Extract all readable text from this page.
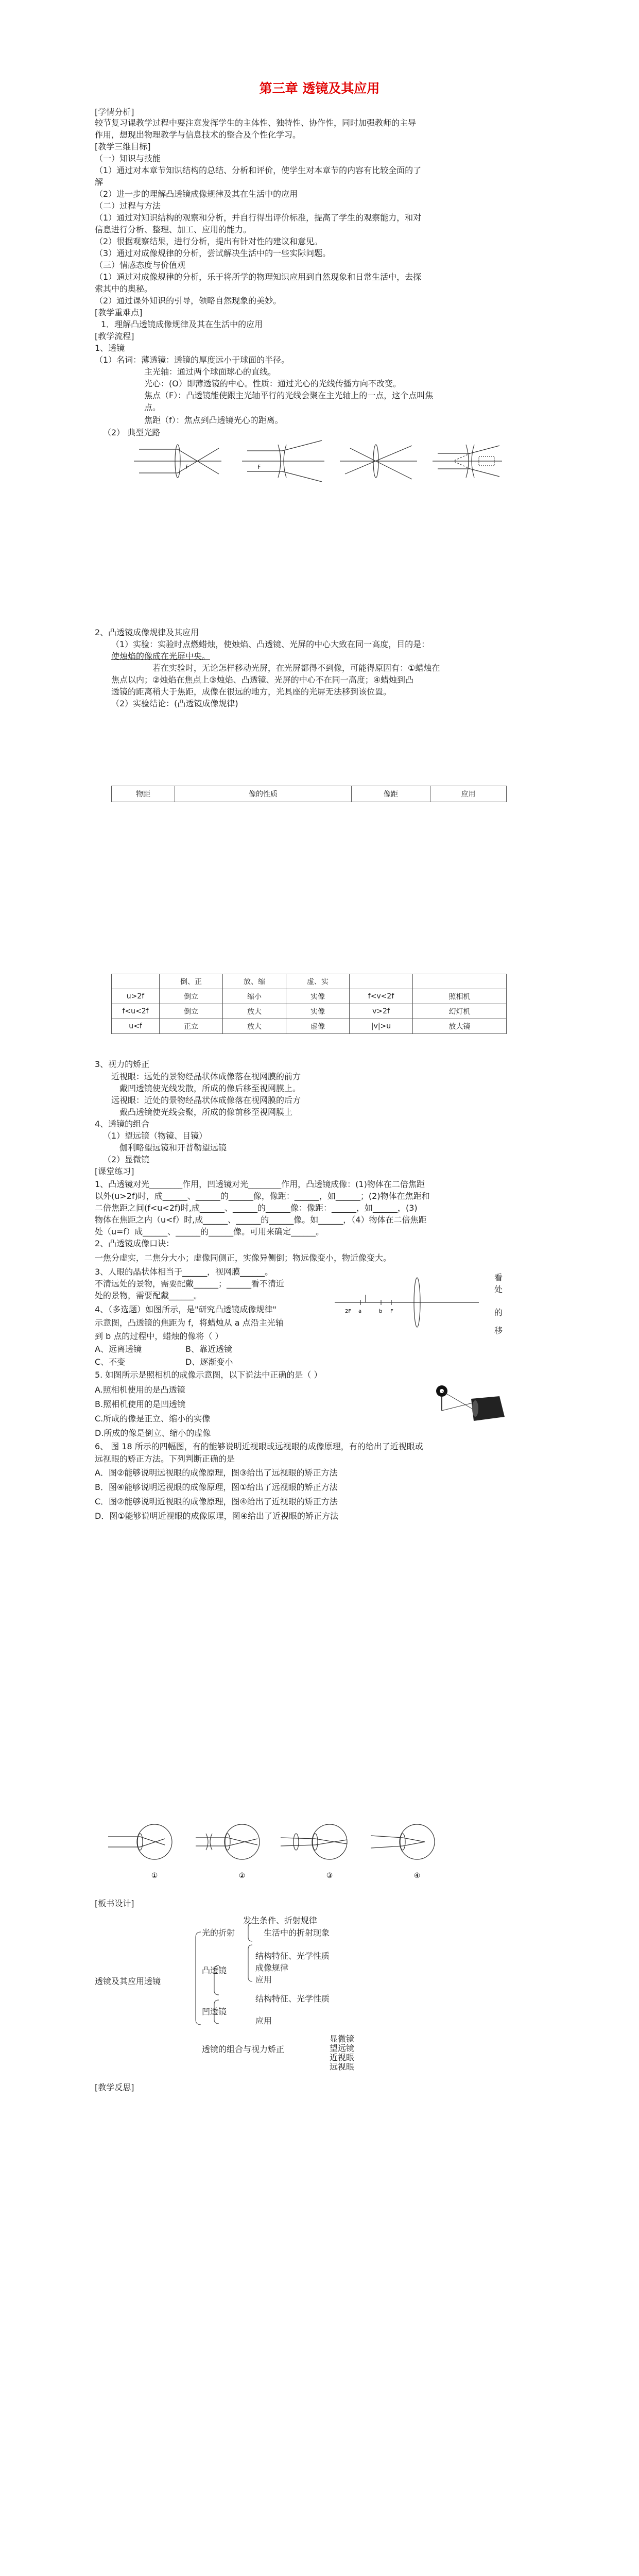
第三章 透镜及其应用
[学情分析]
较节复习课教学过程中要注意发挥学生的主体性、独特性、协作性，同时加强教师的主导
作用，想现出物理教学与信息技术的整合及个性化学习。
[教学三维目标]
（一）知识与技能
（1）通过对本章节知识结构的总结、分析和评价，使学生对本章节的内容有比较全面的了
解
（2）进一步的理解凸透镜成像规律及其在生活中的应用
（二）过程与方法
（1）通过对知识结构的观察和分析，并自行得出评价标准，提高了学生的观察能力，和对
信息进行分析、整理、加工、应用的能力。
（2）很据观察结果，进行分析，提出有针对性的建议和意见。
（3）通过对成像规律的分析，尝试解决生活中的一些实际问题。
（三）情感态度与价值观
（1）通过对成像规律的分析，乐于将所学的物理知识应用到自然现象和日常生活中，去探
索其中的奥秘。
（2）通过课外知识的引导，领略自然现象的美妙。
[教学重难点]
1．理解凸透镜成像规律及其在生活中的应用
[教学流程]
1、透镜
（1）名词：薄透镜：透镜的厚度远小于球面的半径。
主光轴：通过两个球面球心的直线。
光心：(O）即薄透镜的中心。性质：通过光心的光线传播方向不改变。
焦点（F）：凸透镜能使跟主光轴平行的光线会聚在主光轴上的一点，这个点叫焦
点。
焦距（f）：焦点到凸透镜光心的距离。
（2） 典型光路
F	F
2、凸透镜成像规律及其应用
（1）实验：实验时点燃蜡烛，使烛焰、凸透镜、光屏的中心大致在同一高度，目的是：
使烛焰的像成在光屏中央。
若在实验时，无论怎样移动光屏，在光屏都得不到像，可能得原因有：①蜡烛在
焦点以内；②烛焰在焦点上③烛焰、凸透镜、光屏的中心不在同一高度；④蜡烛到凸
透镜的距离稍大于焦距，成像在很远的地方，光具座的光屏无法移到该位置。
（2）实验结论：(凸透镜成像规律)
物距	像的性质	像距	应用
	倒、正	放、缩	虚、实		
u>2f	倒立	缩小	实像	f<v<2f	照相机
f<u<2f	倒立	放大	实像	v>2f	幻灯机
u<f	正立	放大	虚像	|v|>u	放大镜
3、视力的矫正
近视眼：远处的景物经晶状体成像落在视网膜的前方
戴凹透镜使光线发散，所成的像后移至视网膜上。
远视眼：近处的景物经晶状体成像落在视网膜的后方
戴凸透镜使光线会聚，所成的像前移至视网膜上
4、透镜的组合
（1）望远镜（物镜、目镜）
伽利略望远镜和开普勒望远镜
（2）显微镜
[课堂练习]
1、凸透镜对光________作用，凹透镜对光________作用，凸透镜成像：(1)物体在二倍焦距
以外(u>2f)时，成______、______的______像，像距：______，如______；(2)物体在焦距和
二倍焦距之间(f<u<2f)时,成______、______的______像：像距：______，如______，(3)
物体在焦距之内（u<f）时,成______、______的______像。如______，（4）物体在二倍焦距
处（u=f）成______、______的______像。可用来确定______。
2、凸透镜成像口诀：
一焦分虚实，二焦分大小；虚像同侧正，实像异侧倒；物远像变小，物近像变大。
3、人眼的晶状体相当于______，视网膜______。
不清远处的景物，需要配戴______；______看不清近
处的景物，需要配戴______。
看
处
4、（多选题）如图所示，是"研究凸透镜成像规律"
示意图，凸透镜的焦距为 f，将蜡烛从 a 点沿主光轴
到 b 点的过程中，蜡烛的像将（ ）
的
移
a	b F
2F
A、远离透镜	B、靠近透镜
C、不变	D、逐渐变小
5. 如图所示是照相机的成像示意图，以下说法中正确的是（ ）
A.照相机使用的是凸透镜
B.照相机使用的是凹透镜
C.所成的像是正立、缩小的实像
D.所成的像是倒立、缩小的虚像
6、 图 18 所示的四幅图，有的能够说明近视眼或远视眼的成像原理，有的给出了近视眼或
远视眼的矫正方法。下列判断正确的是
A．图②能够说明远视眼的成像原理，图③给出了远视眼的矫正方法
B．图④能够说明远视眼的成像原理，图①给出了远视眼的矫正方法
C．图②能够说明近视眼的成像原理，图④给出了近视眼的矫正方法
D．图①能够说明近视眼的成像原理，图④给出了近视眼的矫正方法
①	②	③	④
[板书设计]
透镜及其应用透镜
光的折射
发生条件、折射规律
生活中的折射现象
凸透镜
结构特征、光学性质
成像规律
应用
凹透镜
结构特征、光学性质
应用
透镜的组合与视力矫正
显微镜
望远镜
近视眼
远视眼
[教学反思]
